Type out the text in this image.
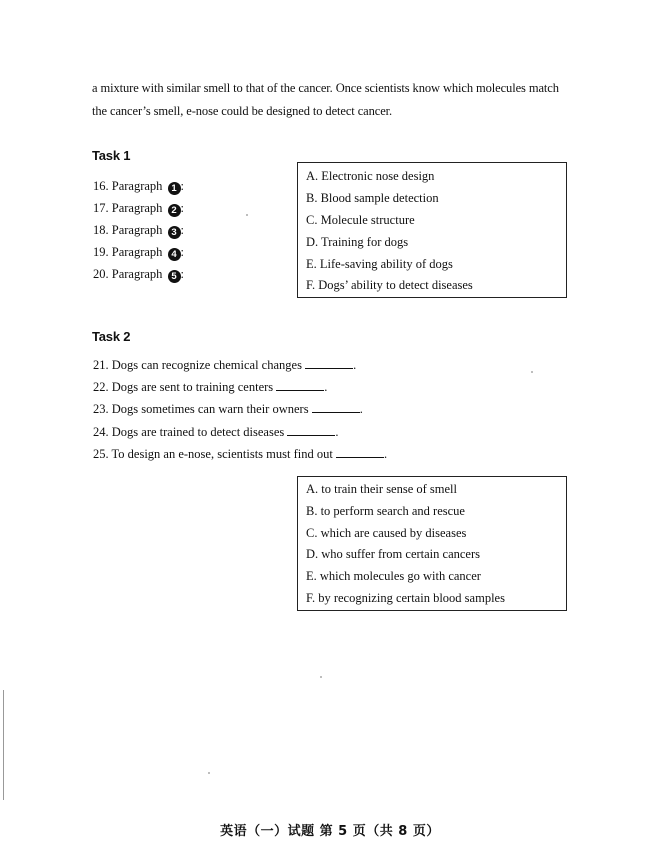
a mixture with similar smell to that of the cancer. Once scientists know which molecules match
the cancer’s smell, e-nose could be designed to detect cancer.
Task 1
16. Paragraph 1 :
17. Paragraph 2 :
18. Paragraph 3 :
19. Paragraph 4 :
20. Paragraph 5 :
A. Electronic nose design
B. Blood sample detection
C. Molecule structure
D. Training for dogs
E. Life-saving ability of dogs
F. Dogs’ ability to detect diseases
Task 2
21. Dogs can recognize chemical changes	.
22. Dogs are sent to training centers	.
23. Dogs sometimes can warn their owners	.
24. Dogs are trained to detect diseases	.
25. To design an e-nose, scientists must find out	.
A. to train their sense of smell
B. to perform search and rescue
C. which are caused by diseases
D. who suffer from certain cancers
E. which molecules go with cancer
F. by recognizing certain blood samples
英语（一）试题 第 5 页（共 8 页）
